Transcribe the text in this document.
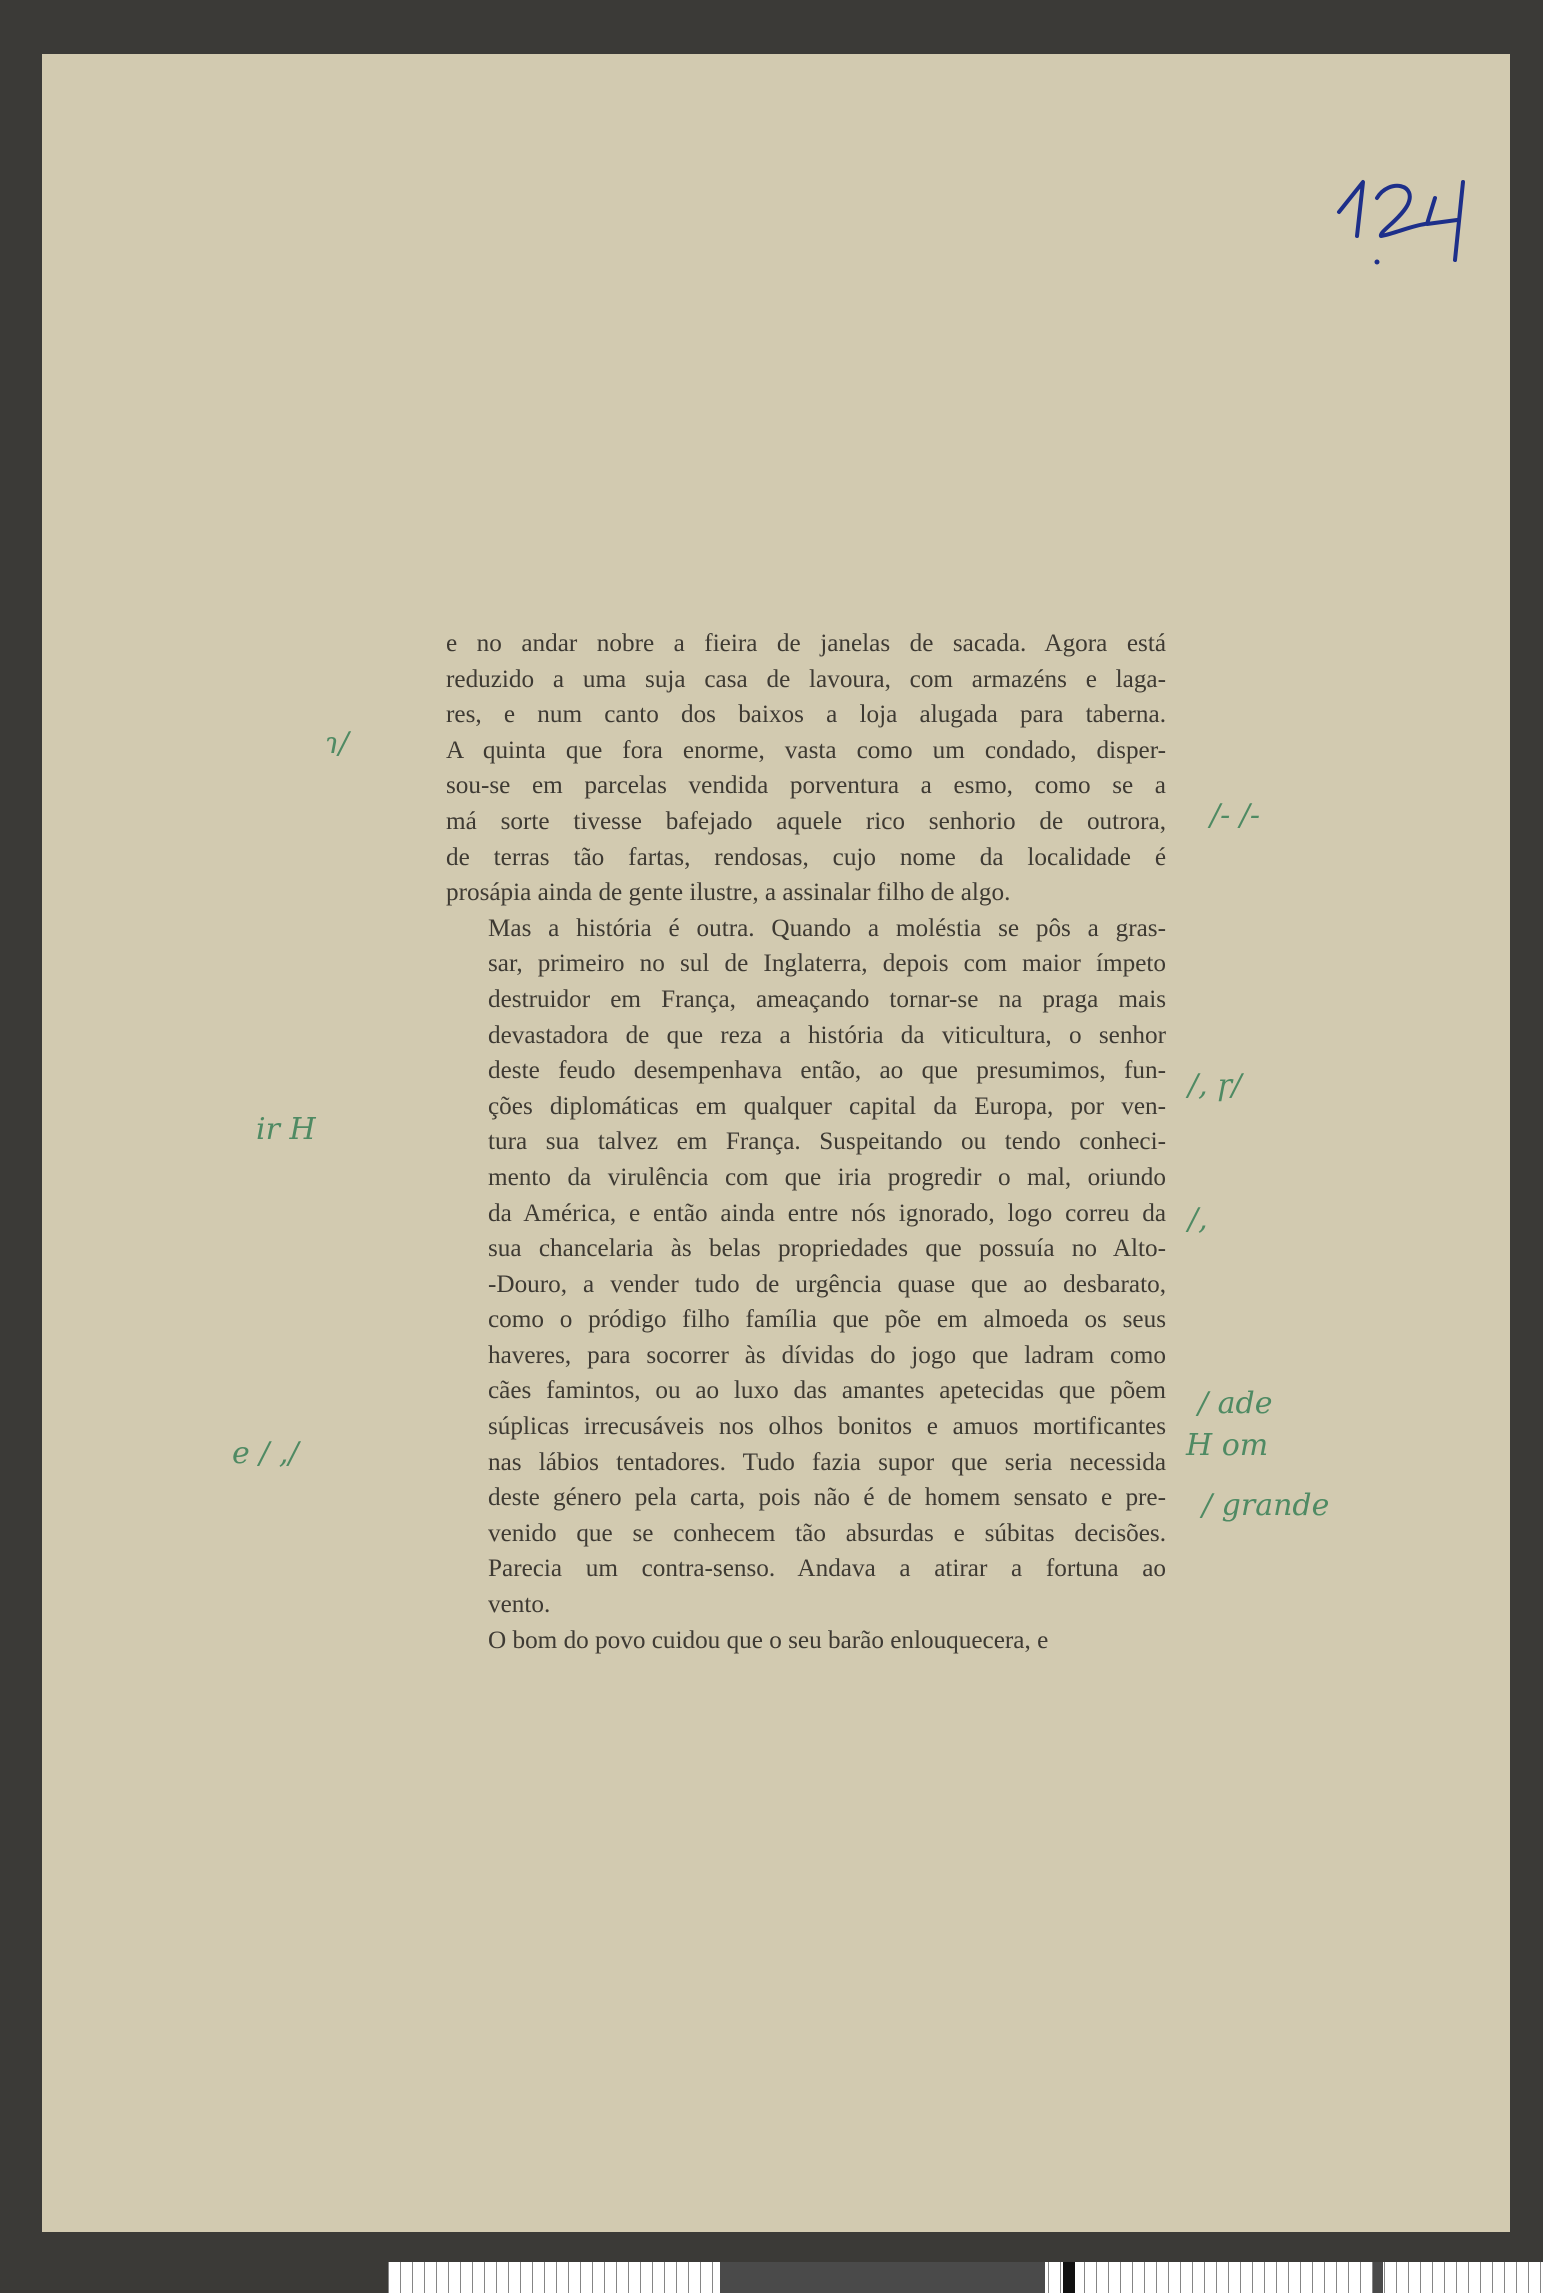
e no andar nobre a fieira de janelas de sacada. Agora está
reduzido a uma suja casa de lavoura, com armazéns e laga-
res, e num canto dos baixos a loja alugada para taberna.
A quinta que fora enorme, vasta como um condado, disper-
sou-se em parcelas vendida porventura a esmo, como se a
má sorte tivesse bafejado aquele rico senhorio de outrora,
de terras tão fartas, rendosas, cujo nome da localidade é
prosápia ainda de gente ilustre, a assinalar filho de algo.
Mas a história é outra. Quando a moléstia se pôs a gras-
sar, primeiro no sul de Inglaterra, depois com maior ímpeto
destruidor em França, ameaçando tornar-se na praga mais
devastadora de que reza a história da viticultura, o senhor
deste feudo desempenhava então, ao que presumimos, fun-
ções diplomáticas em qualquer capital da Europa, por ven-
tura sua talvez em França. Suspeitando ou tendo conheci-
mento da virulência com que iria progredir o mal, oriundo
da América, e então ainda entre nós ignorado, logo correu da
sua chancelaria às belas propriedades que possuía no Alto-
-Douro, a vender tudo de urgência quase que ao desbarato,
como o pródigo filho família que põe em almoeda os seus
haveres, para socorrer às dívidas do jogo que ladram como
cães famintos, ou ao luxo das amantes apetecidas que põem
súplicas irrecusáveis nos olhos bonitos e amuos mortificantes
nas lábios tentadores. Tudo fazia supor que seria necessida
deste género pela carta, pois não é de homem sensato e pre-
venido que se conhecem tão absurdas e súbitas decisões.
Parecia um contra-senso. Andava a atirar a fortuna ao
vento.
O bom do povo cuidou que o seu barão enlouquecera, e
ɿ/
ir H
e / ,/
/- /-
/, ɼ/
/,
/ ade
H om
/ grande
